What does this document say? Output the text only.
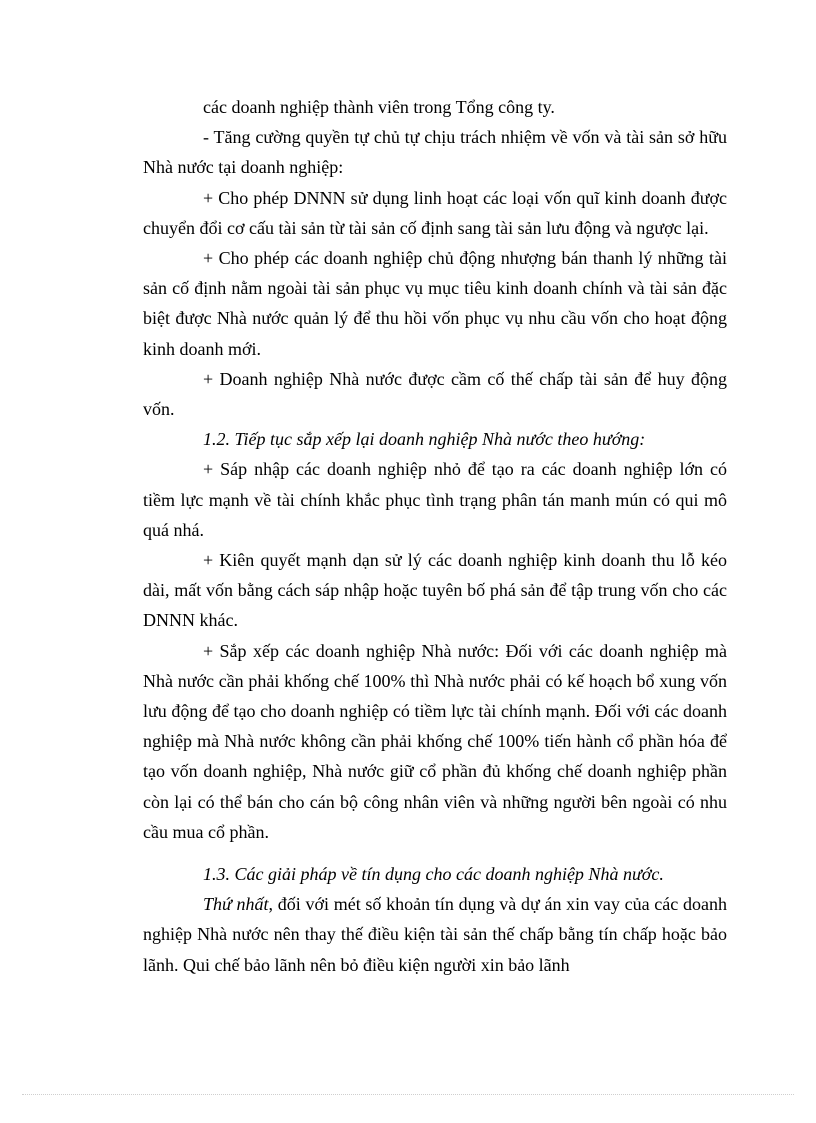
các doanh nghiệp thành viên trong Tổng công ty.

- Tăng cường quyền tự chủ tự chịu trách nhiệm về vốn và tài sản sở hữu Nhà nước tại doanh nghiệp:

+ Cho phép DNNN sử dụng linh hoạt các loại vốn quĩ kinh doanh được chuyển đổi cơ cấu tài sản từ tài sản cố định sang tài sản lưu động và ngược lại.

+ Cho phép các doanh nghiệp chủ động nhượng bán thanh lý những tài sản cố định nằm ngoài tài sản phục vụ mục tiêu kinh doanh chính và tài sản đặc biệt được Nhà nước quản lý để thu hồi vốn phục vụ nhu cầu vốn cho hoạt động kinh doanh mới.

+ Doanh nghiệp Nhà nước được cầm cố thế chấp tài sản để huy động vốn.

1.2. Tiếp tục sắp xếp lại doanh nghiệp Nhà nước theo hướng:

+ Sáp nhập các doanh nghiệp nhỏ để tạo ra các doanh nghiệp lớn có tiềm lực mạnh về tài chính khắc phục tình trạng phân tán manh mún có qui mô quá nhá.

+ Kiên quyết mạnh dạn sử lý các doanh nghiệp kinh doanh thu lỗ kéo dài, mất vốn bằng cách sáp nhập hoặc tuyên bố phá sản để tập trung vốn cho các DNNN khác.

+ Sắp xếp các doanh nghiệp Nhà nước: Đối với các doanh nghiệp mà Nhà nước cần phải khống chế 100% thì Nhà nước phải có kế hoạch bổ xung vốn lưu động để tạo cho doanh nghiệp có tiềm lực tài chính mạnh. Đối với các doanh nghiệp mà Nhà nước không cần phải khống chế 100% tiến hành cổ phần hóa để tạo vốn doanh nghiệp, Nhà nước giữ cổ phần đủ khống chế doanh nghiệp phần còn lại có thể bán cho cán bộ công nhân viên và những người bên ngoài có nhu cầu mua cổ phần.

1.3. Các giải pháp về tín dụng cho các doanh nghiệp Nhà nước.

Thứ nhất, đối với mét số khoản tín dụng và dự án xin vay của các doanh nghiệp Nhà nước nên thay thế điều kiện tài sản thế chấp bằng tín chấp hoặc bảo lãnh. Qui chế bảo lãnh nên bỏ điều kiện người xin bảo lãnh
